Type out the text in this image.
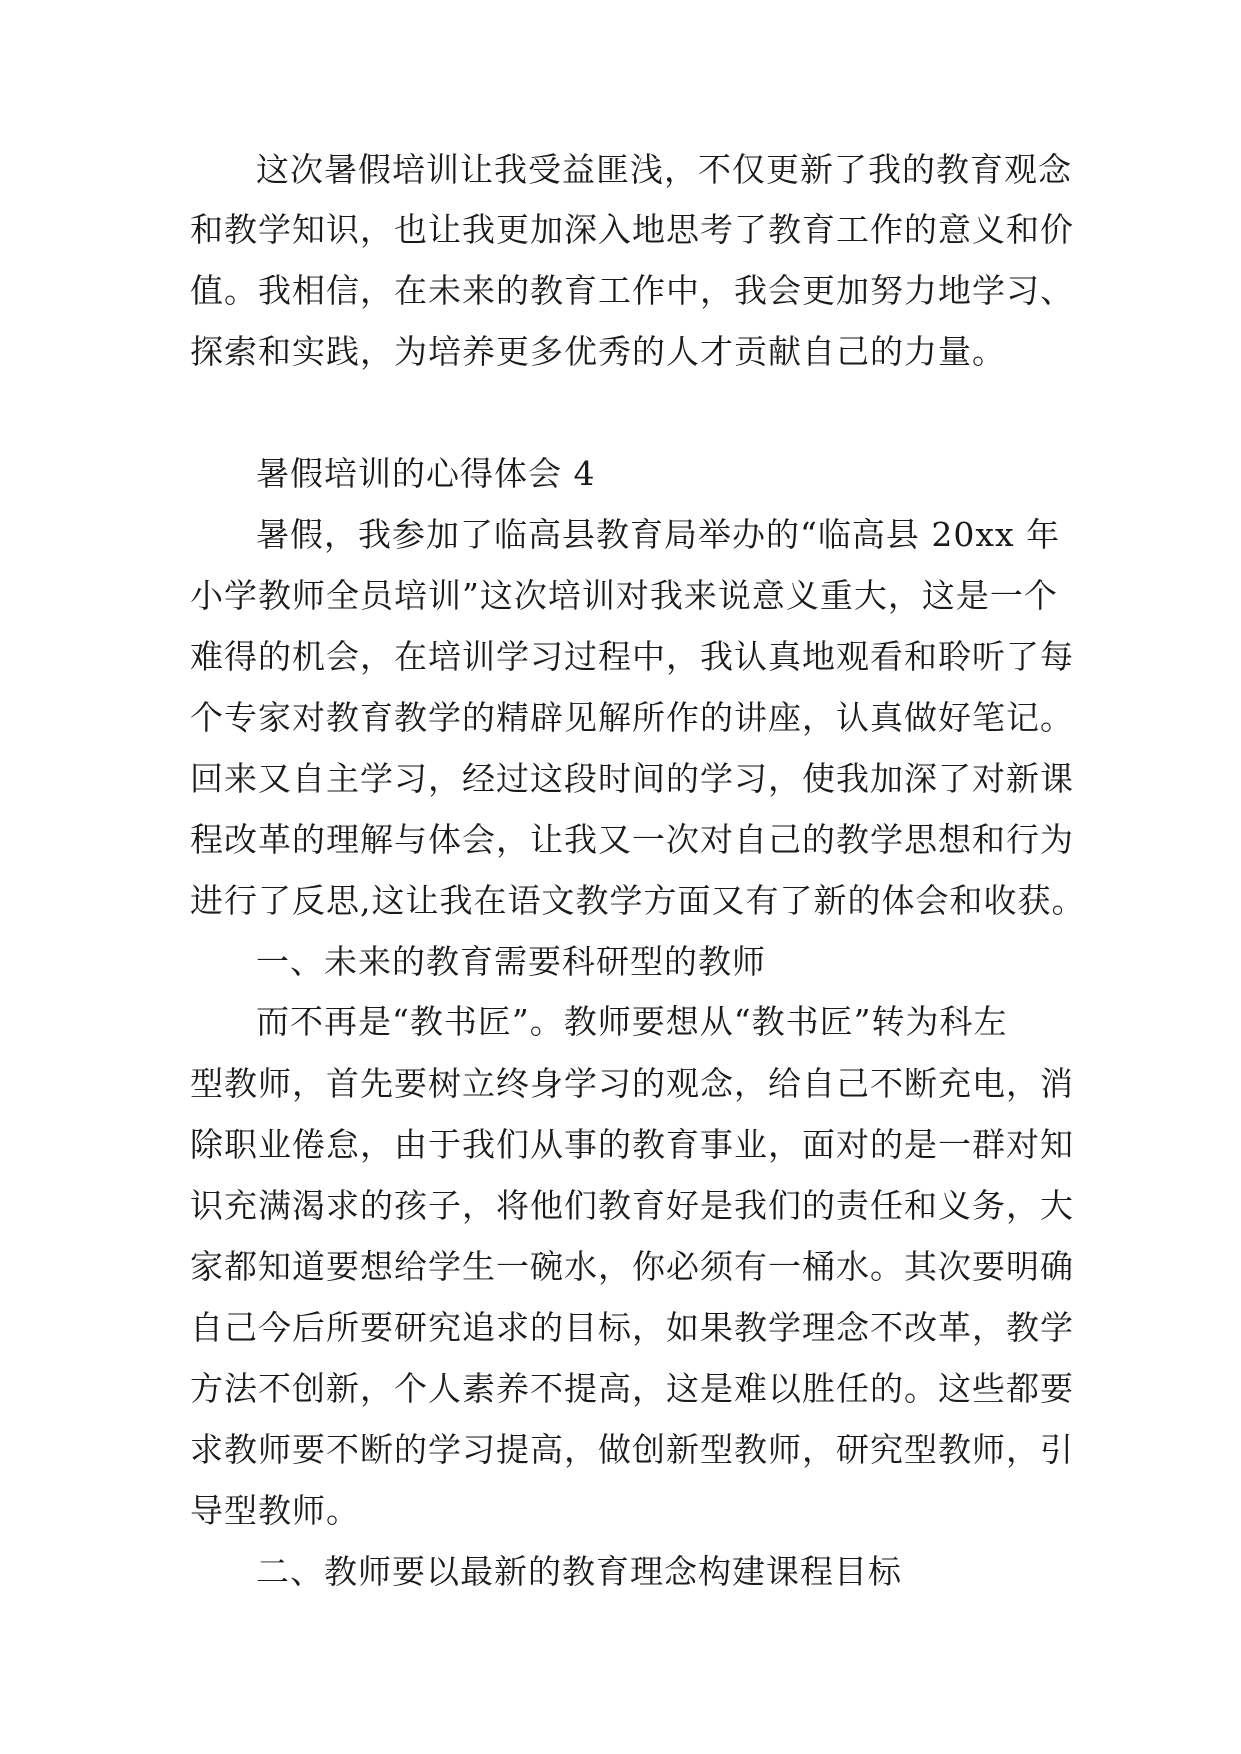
这次暑假培训让我受益匪浅，不仅更新了我的教育观念
和教学知识，也让我更加深入地思考了教育工作的意义和价
值。我相信，在未来的教育工作中，我会更加努力地学习、
探索和实践，为培养更多优秀的人才贡献自己的力量。
暑假培训的心得体会 4
暑假，我参加了临高县教育局举办的“临高县 20xx 年
小学教师全员培训”这次培训对我来说意义重大，这是一个
难得的机会，在培训学习过程中，我认真地观看和聆听了每
个专家对教育教学的精辟见解所作的讲座，认真做好笔记。
回来又自主学习，经过这段时间的学习，使我加深了对新课
程改革的理解与体会，让我又一次对自己的教学思想和行为
进行了反思,这让我在语文教学方面又有了新的体会和收获。
一、未来的教育需要科研型的教师
而不再是“教书匠”。教师要想从“教书匠”转为科左
型教师，首先要树立终身学习的观念，给自己不断充电，消
除职业倦怠，由于我们从事的教育事业，面对的是一群对知
识充满渴求的孩子，将他们教育好是我们的责任和义务，大
家都知道要想给学生一碗水，你必须有一桶水。其次要明确
自己今后所要研究追求的目标，如果教学理念不改革，教学
方法不创新，个人素养不提高，这是难以胜任的。这些都要
求教师要不断的学习提高，做创新型教师，研究型教师，引
导型教师。
二、教师要以最新的教育理念构建课程目标
